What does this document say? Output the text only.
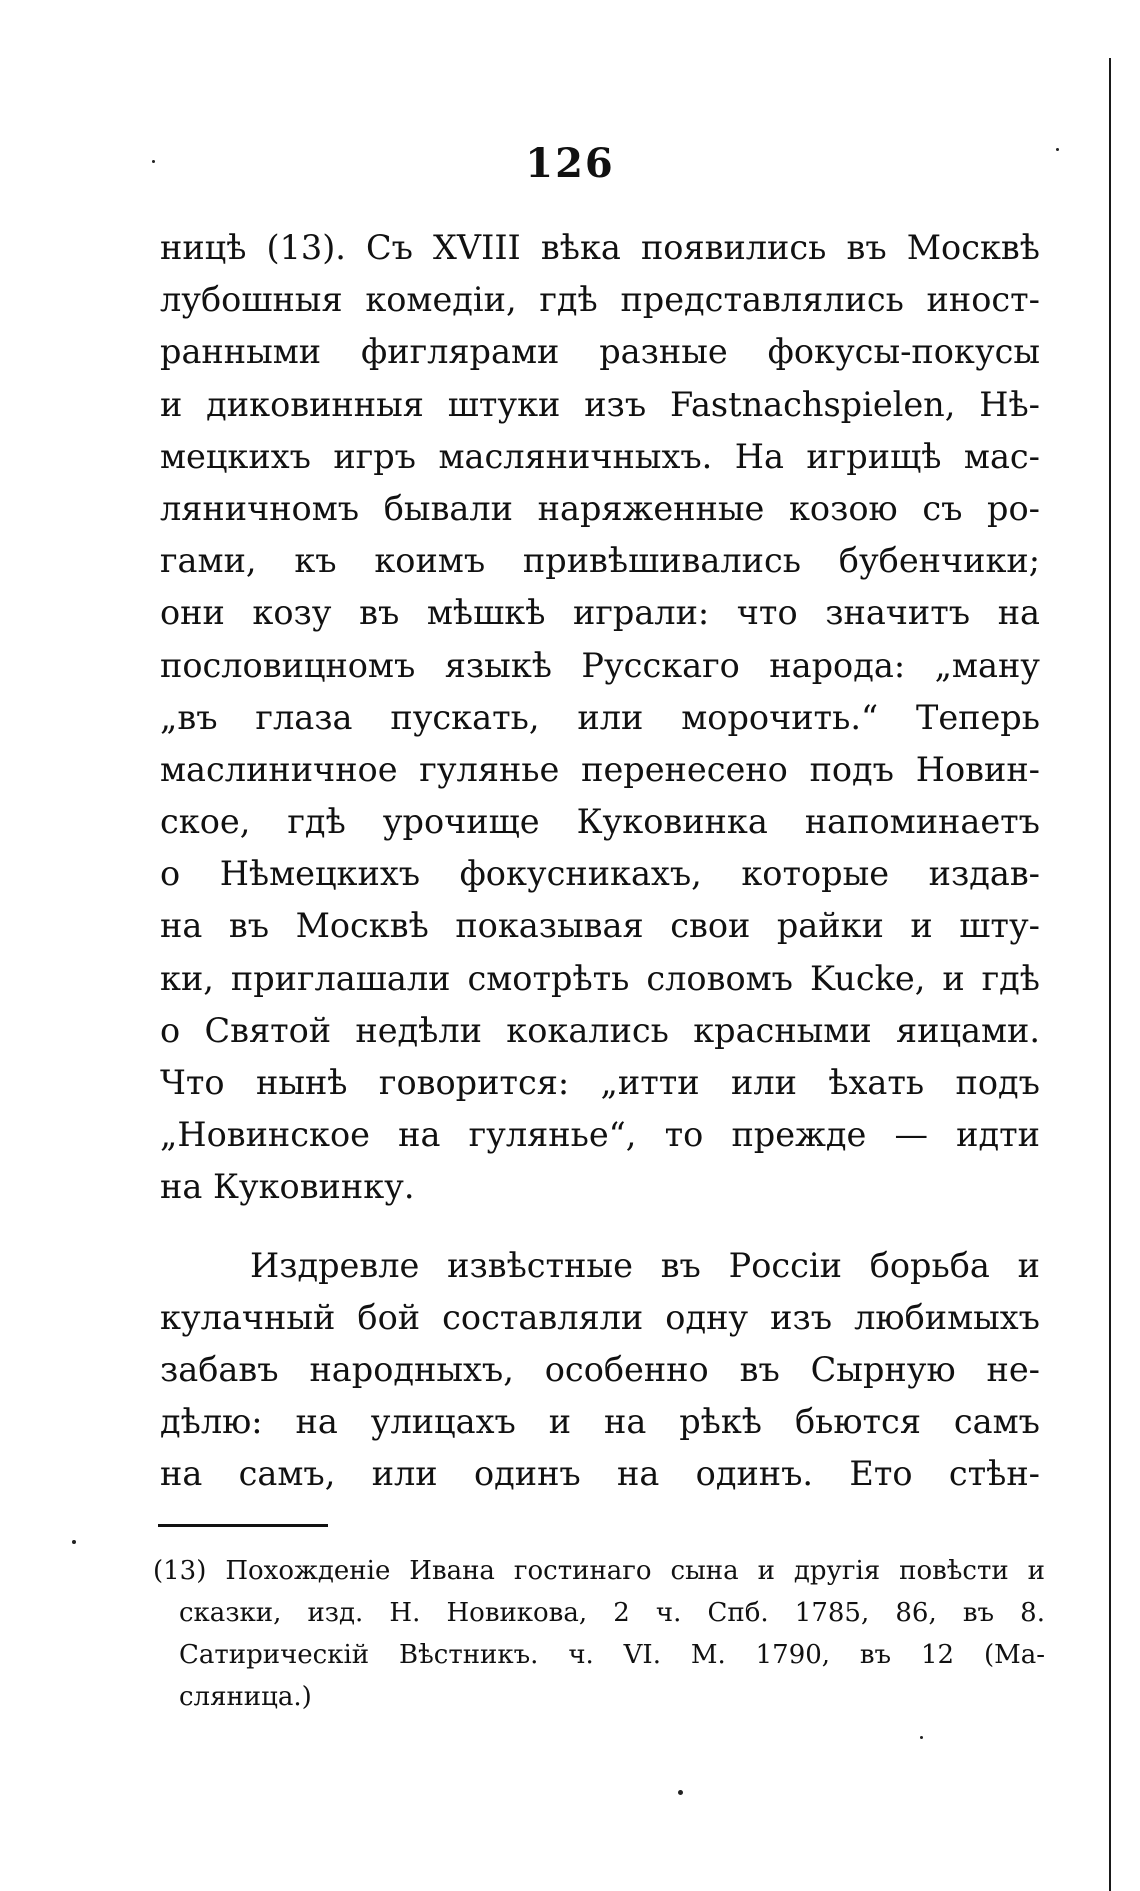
126
ницѣ (13). Съ XVIII вѣка появились въ Москвѣ
лубошныя комедіи, гдѣ представлялись иност-
ранными фиглярами разные фокусы-покусы
и диковинныя штуки изъ Fastnachspielen, Нѣ-
мецкихъ игръ масляничныхъ. На игрищѣ мас-
ляничномъ бывали наряженные козою съ ро-
гами, къ коимъ привѣшивались бубенчики;
они козу въ мѣшкѣ играли: что значитъ на
пословицномъ языкѣ Русскаго народа: „ману
„въ глаза пускать, или морочить.“ Теперь
маслиничное гулянье перенесено подъ Новин-
ское, гдѣ урочище Куковинка напоминаетъ
о Нѣмецкихъ фокусникахъ, которые издав-
на въ Москвѣ показывая свои райки и шту-
ки, приглашали смотрѣть словомъ Kucke, и гдѣ
о Святой недѣли кокались красными яицами.
Что нынѣ говорится: „итти или ѣхать подъ
„Новинское на гулянье“, то прежде — идти
на Куковинку.
Издревле извѣстные въ Россіи борьба и
кулачный бой составляли одну изъ любимыхъ
забавъ народныхъ, особенно въ Сырную не-
дѣлю: на улицахъ и на рѣкѣ бьются самъ
на самъ, или одинъ на одинъ. Ето стѣн-
(13) Похожденіе Ивана гостинаго сына и другія повѣсти и
сказки, изд. Н. Новикова, 2 ч. Спб. 1785, 86, въ 8.
Сатирическій Вѣстникъ. ч. VI. М. 1790, въ 12 (Ма-
сляница.)
